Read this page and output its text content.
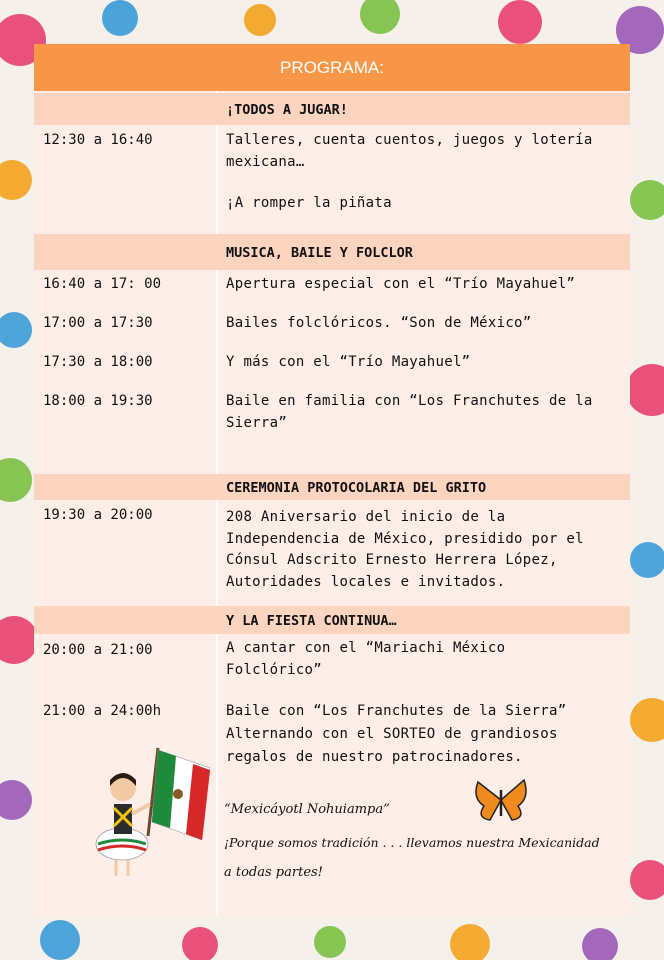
PROGRAMA:
¡TODOS A JUGAR!
12:30 a 16:40	Talleres, cuenta cuentos, juegos y lotería mexicana…
¡A romper la piñata
MUSICA, BAILE Y FOLCLOR
16:40 a 17: 00	Apertura especial con el “Trío Mayahuel”
17:00 a 17:30	Bailes folclóricos. “Son de México”
17:30 a 18:00	Y más con el “Trío Mayahuel”
18:00 a 19:30	Baile en familia con “Los Franchutes de la Sierra”
CEREMONIA PROTOCOLARIA DEL GRITO
19:30 a 20:00	208 Aniversario del inicio de la Independencia de México, presidido por el Cónsul Adscrito Ernesto Herrera López, Autoridades locales e invitados.
Y LA FIESTA CONTINUA…
20:00 a 21:00	A cantar con el “Mariachi México Folclórico”
21:00 a 24:00h	Baile con “Los Franchutes de la Sierra” Alternando con el SORTEO de grandiosos regalos de nuestro patrocinadores.
“Mexicáyotl Nohuiampa”
¡Porque somos tradición . . . llevamos nuestra Mexicanidad
a todas partes!
